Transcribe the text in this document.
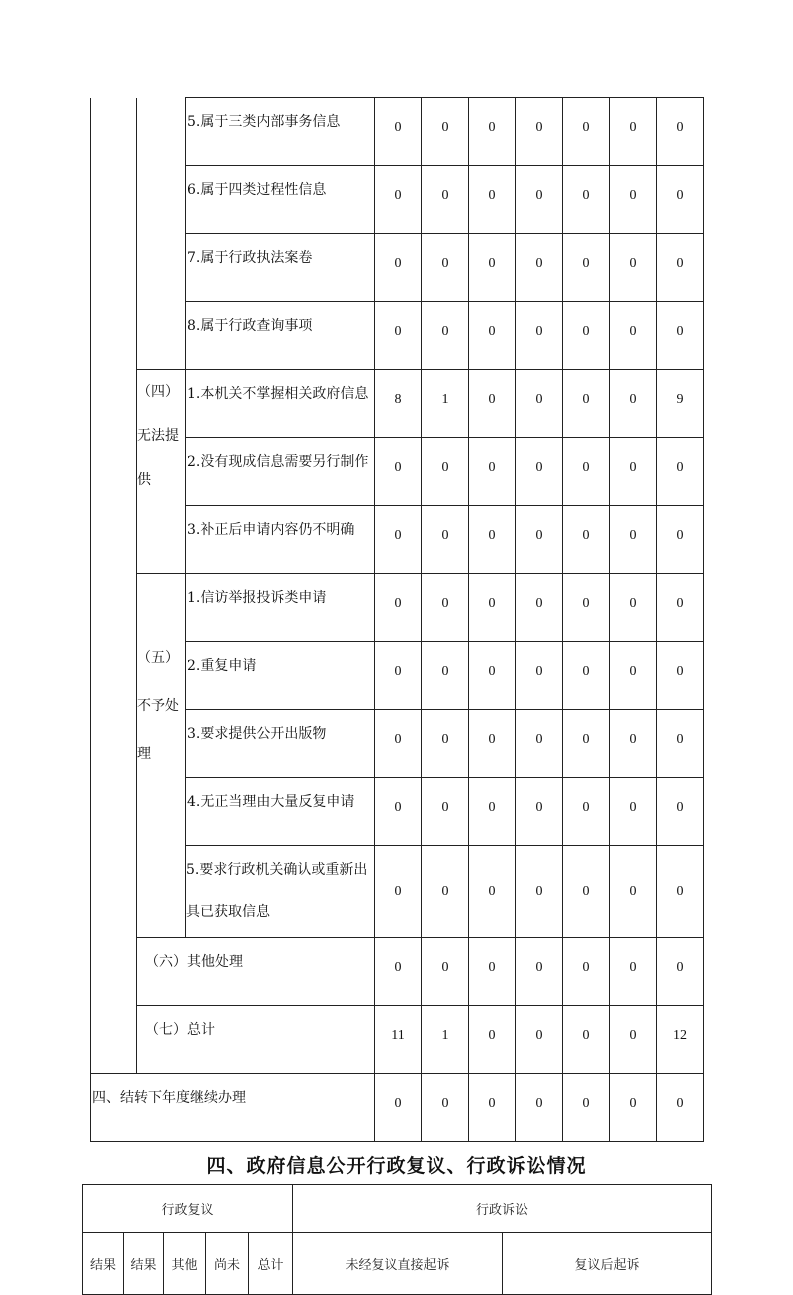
		5.属于三类内部事务信息	0	0	0	0	0	0	0
		6.属于四类过程性信息	0	0	0	0	0	0	0
		7.属于行政执法案卷	0	0	0	0	0	0	0
		8.属于行政查询事项	0	0	0	0	0	0	0
	（四）无法提供	1.本机关不掌握相关政府信息	8	1	0	0	0	0	9
		2.没有现成信息需要另行制作	0	0	0	0	0	0	0
		3.补正后申请内容仍不明确	0	0	0	0	0	0	0
	（五）不予处理	1.信访举报投诉类申请	0	0	0	0	0	0	0
		2.重复申请	0	0	0	0	0	0	0
		3.要求提供公开出版物	0	0	0	0	0	0	0
		4.无正当理由大量反复申请	0	0	0	0	0	0	0
		5.要求行政机关确认或重新出具已获取信息	0	0	0	0	0	0	0
	（六）其他处理		0	0	0	0	0	0	0
	（七）总计		11	1	0	0	0	0	12
四、结转下年度继续办理			0	0	0	0	0	0	0
四、政府信息公开行政复议、行政诉讼情况
行政复议					行政诉讼	
结果	结果	其他	尚未	总计	未经复议直接起诉	复议后起诉
